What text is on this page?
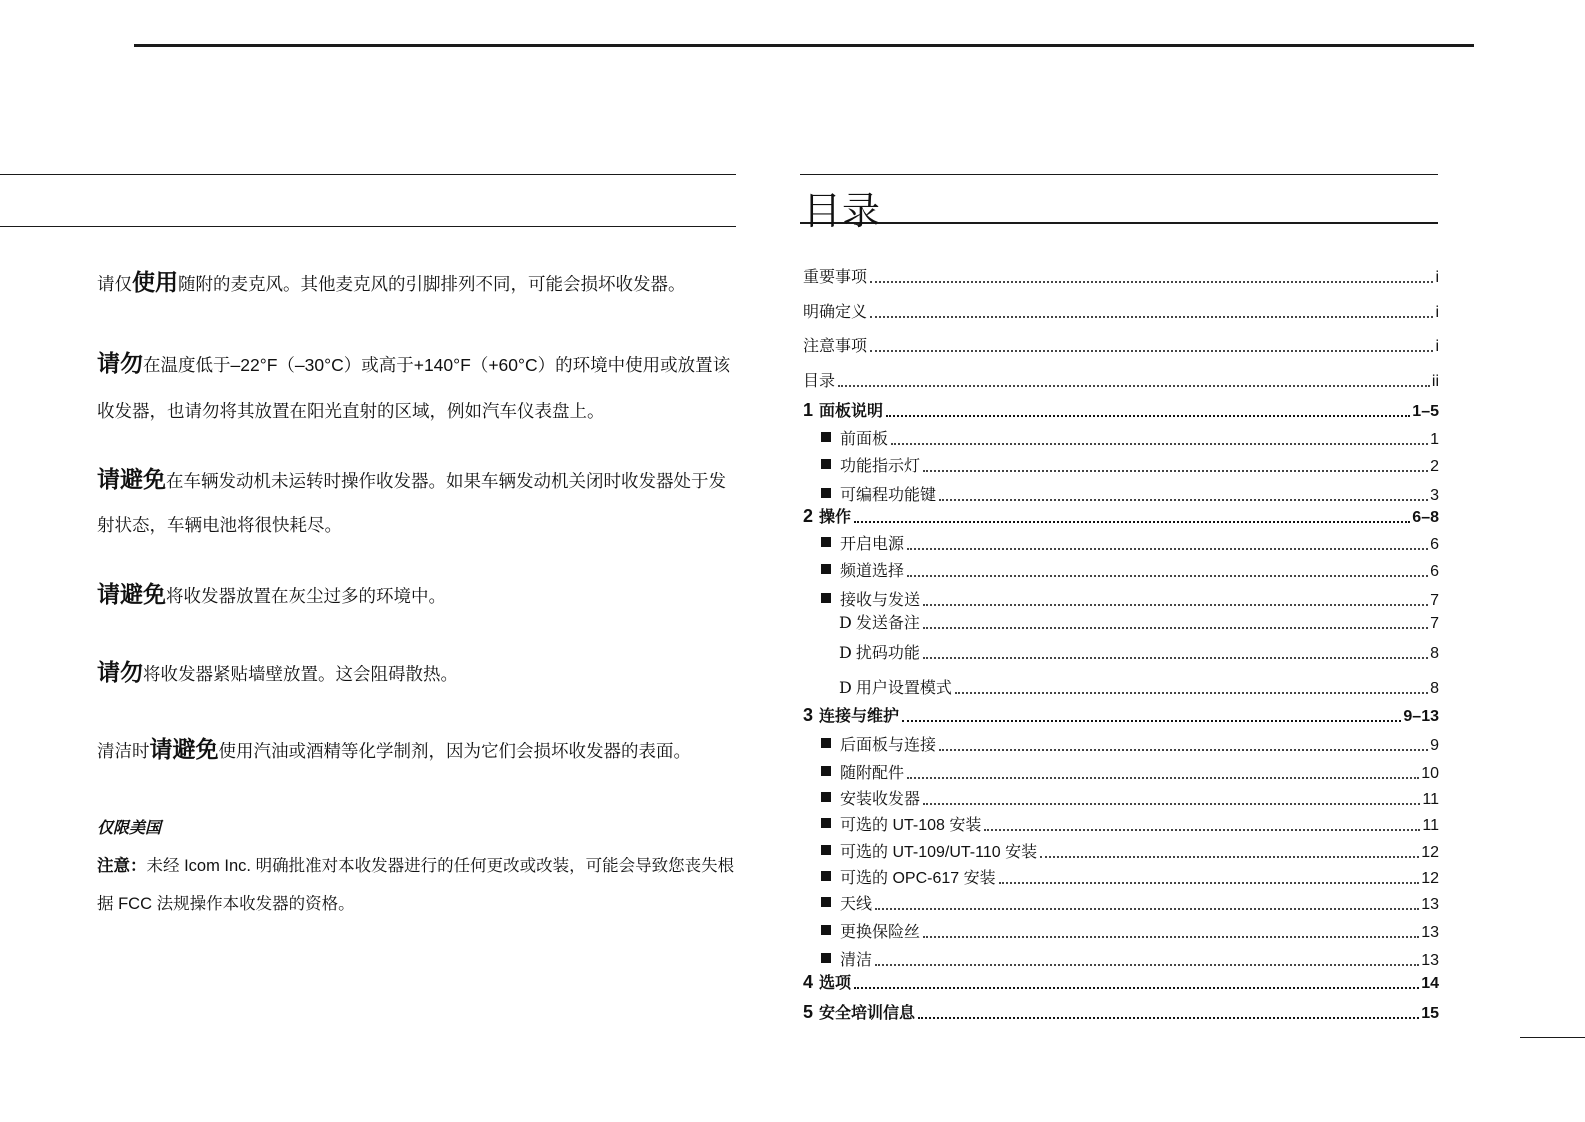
请仅使用随附的麦克风。其他麦克风的引脚排列不同，可能会损坏收发器。
请勿在温度低于–22°F（–30°C）或高于+140°F（+60°C）的环境中使用或放置该收发器，也请勿将其放置在阳光直射的区域，例如汽车仪表盘上。
请避免在车辆发动机未运转时操作收发器。如果车辆发动机关闭时收发器处于发射状态，车辆电池将很快耗尽。
请避免将收发器放置在灰尘过多的环境中。
请勿将收发器紧贴墙壁放置。这会阻碍散热。
清洁时请避免使用汽油或酒精等化学制剂，因为它们会损坏收发器的表面。
仅限美国
注意：未经 Icom Inc. 明确批准对本收发器进行的任何更改或改装，可能会导致您丧失根据 FCC 法规操作本收发器的资格。
目录
重要事项	i
明确定义	i
注意事项	i
目录	ii
1 面板说明	1–5
前面板	1
功能指示灯	2
可编程功能键	3
2 操作	6–8
开启电源	6
频道选择	6
接收与发送	7
D 发送备注	7
D 扰码功能	8
D 用户设置模式	8
3 连接与维护	9–13
后面板与连接	9
随附配件	10
安装收发器	11
可选的 UT-108 安装	11
可选的 UT-109/UT-110 安装	12
可选的 OPC-617 安装	12
天线	13
更换保险丝	13
清洁	13
4 选项	14
5 安全培训信息	15
